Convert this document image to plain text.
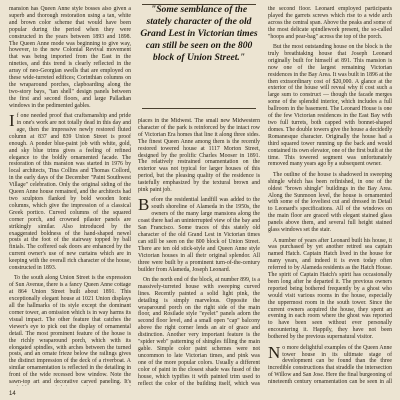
mansion has Queen Anne style bosses also given a superb and thorough restoration using a tan, white and brown color scheme that would have been popular during the period when they were constructed in the years between 1893 and 1898. The Queen Anne mode was beginning to give way, however, to the new Colonial Revival movement that was being imported from the East in the nineties, and this trend is clearly reflected in the array of neo-Georgian swells that are employed on these wide-turreted edifices; Corinthian columns on the wraparound porches, clapboarding along the two-story bays, "tan shell" design panels between the first and second floors, and large Palladian windows in the pedimented gables.

If one needed proof that craftsmanship and pride in one's work are not totally dead in this day and age, then the impressive newly restored fluted column at 837 and 839 Union Street is proof enough. A ponder blue-paint job with white, gold, and sky blue trims gives a feeling of refined elegance to the boldly ornamented facade. The restoration of this mansion was started in 1976 by local architects, Tina Collins and Thomas Collord, in the early days of the December "Paint Southwest Village" celebration. Only the original siding of the Queen Anne house remained, and the architects had two sculptors flanked by bold wooden Ionic columns, which give the impression of a classical Greek portico. Curved columns of the squared corner porch, and crowned pilaster panels are strikingly similar. Also introduced by the exaggerated boldness of the hand-shaped newel posts at the foot of the stairway topped by ball finials. The coffered oak doors are enhanced by the current owner's use of new curtains which are in keeping with the overall rich character of the house, constructed in 1893.

To the south along Union Street is the expression of Sun Avenue, there is a fancy Queen Anne cottage at 864 Union Street built about 1891. This exceptionally elegant house at 1021 Union displays all the hallmarks of its style except the dominant corner tower, an omission which is in way harms its visual impact. The other feature that catches the viewer's eye to pick out the display of ornamental detail. The most prominent feature of the house is the richly wraparound porch, which with its elongated spindles, with arches between the turned posts, and an ornate frieze below the railings gives the distinct impression of the deck of a riverboat. A similar ornamentation is reflected in the detailing in front of the wide recessed bow window. Note the sawn-top art and decorative carved paneling. It's

"Some semblance of the stately character of the old Grand Lest in Victorian times can still be seen on the 800 block of Union Street."

places in the Midwest. The small new Midwestern character of the park is reinforced by the intact row of Victorian Era homes that line it along three sides. The finest Queen Anne among them is the recently restored towered house at 1117 Morton Street, designed by the prolific Charles Mooser in 1891. The relatively restrained ornamentation on the exterior was not typical for larger houses of this period, but the pleasing quality of the residence is tastefully emphasized by the textural brown and pink paint job.

Before the residential landfill was added to the south shoreline of Alameda in the 1950s, the owners of the many large mansions along the coast there had an uninterrupted view of the bay and San Francisco. Some traces of this stately old character of the old Grand Lest in Victorian times can still be seen on the 800 block of Union Street. There are ten old stick-style and Queen Anne style Victorian houses in all their original splendor. All three were built by a prominent turn-of-the-century builder from Alameda, Joseph Leonard.

On the north end of the block, at number 899, is a massively-turreted house with sweeping curved lines. Recently painted a solid light pink, the detailing is simply marvelous. Opposite the wraparound porch on the right side of the main floor, and Rosilade style "eyelet" panels adorn the second floor level, and a small open "cap" balcony above the right corner lends an air of grace and distinction. Another very important feature is the "spider web" patterning of shingles filling the main gable. Simple color paint schemes were not uncommon to late Victorian times, and pink was one of the more popular colors. Usually a different color of paint in the closest shade was fused of the house, which typifies it with painted trim used to reflect the color of the building itself, which was

the second floor. Leonard employed participants played the garrets screws which rise to a wide arch across the central span. Above the peaks and some of the most delicate spindlework present, the so-called "hoops and pear-bag" across the top of the porch.

But the most outstanding house on the block is the truly breathtaking house that Joseph Leonard originally built for himself at 891. This mansion is now one of the largest remaining Victorian residences in the Bay Area. It was built in 1896 at the then extraordinary cost of $20,000. A glance at the exterior of the house will reveal why it cost such a large sum to construct — though the facade merges some of the splendid interior, which includes a full ballroom in the basement. The Leonard House is one of the few Victorian residences in the East Bay with two full turrets, both capped with bonnet-shaped domes. The double towers give the house a decidedly Romanesque character. Originally the house had a third squared tower running up the back and would contained its own elevator, one of the first built at the time. This towered segment was unfortunately removed many years ago by a subsequent owner.

The outline of the house is shadowed in sweeping shingle which has been refinished, in one of the oldest "brown shingle" buildings in the Bay Area. Along the Sunmoon level, the house is ornamented with some of the loveliest cut and dressed in Detail to Leonard's specifications. All of the windows on the main floor are graced with elegant stained glass panels above them, and several full height stained glass windows set the stair.

A number of years after Leonard built his house, it was purchased by yet another retired sea captain named Hatch. Captain Hatch lived in the house for many years, and indeed it is even today often referred to by Alameda residents as the Hatch House. The spirit of Captain Hatch's spirit has occasionally been long after he departed it. The previous owners reported being bothered frequently by a ghost who would visit various rooms in the house, especially the uppermost room in the south tower. Since the current owners acquired the house, they spent an evening in each room where the ghost was reported to have been seen without ever personally encountering it. Happily, they have not been bothered by the previous supernatural visitor.

No more delightful examples of the Queen Anne tower house in its ultimate stage of development can be found than the three incredible constructions that straddle the intersection of Willow and San Jose. Here the final burgeoning of nineteenth century ornamentation can be seen in all

14
